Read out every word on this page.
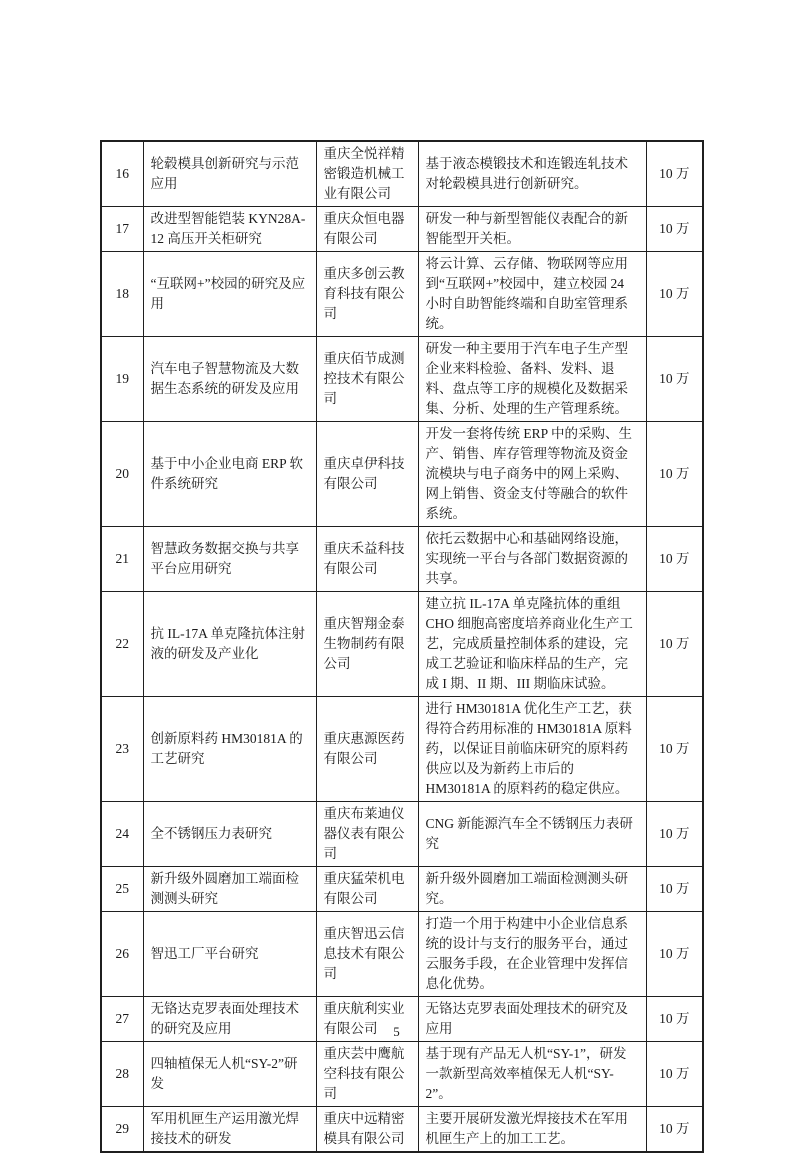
16	轮毂模具创新研究与示范应用	重庆全悦祥精密锻造机械工业有限公司	基于液态模锻技术和连锻连轧技术对轮毂模具进行创新研究。	10 万
17	改进型智能铠装 KYN28A-12 高压开关柜研究	重庆众恒电器有限公司	研发一种与新型智能仪表配合的新智能型开关柜。	10 万
18	“互联网+”校园的研究及应用	重庆多创云教育科技有限公司	将云计算、云存储、物联网等应用到“互联网+”校园中，建立校园 24 小时自助智能终端和自助室管理系统。	10 万
19	汽车电子智慧物流及大数据生态系统的研发及应用	重庆佰节成测控技术有限公司	研发一种主要用于汽车电子生产型企业来料检验、备料、发料、退料、盘点等工序的规模化及数据采集、分析、处理的生产管理系统。	10 万
20	基于中小企业电商 ERP 软件系统研究	重庆卓伊科技有限公司	开发一套将传统 ERP 中的采购、生产、销售、库存管理等物流及资金流模块与电子商务中的网上采购、网上销售、资金支付等融合的软件系统。	10 万
21	智慧政务数据交换与共享平台应用研究	重庆禾益科技有限公司	依托云数据中心和基础网络设施，实现统一平台与各部门数据资源的共享。	10 万
22	抗 IL-17A 单克隆抗体注射液的研发及产业化	重庆智翔金泰生物制药有限公司	建立抗 IL-17A 单克隆抗体的重组 CHO 细胞高密度培养商业化生产工艺，完成质量控制体系的建设，完成工艺验证和临床样品的生产，完成 I 期、II 期、III 期临床试验。	10 万
23	创新原料药 HM30181A 的工艺研究	重庆惠源医药有限公司	进行 HM30181A 优化生产工艺，获得符合药用标准的 HM30181A 原料药，以保证目前临床研究的原料药供应以及为新药上市后的 HM30181A 的原料药的稳定供应。	10 万
24	全不锈钢压力表研究	重庆布莱迪仪器仪表有限公司	CNG 新能源汽车全不锈钢压力表研究	10 万
25	新升级外圆磨加工端面检测测头研究	重庆猛荣机电有限公司	新升级外圆磨加工端面检测测头研究。	10 万
26	智迅工厂平台研究	重庆智迅云信息技术有限公司	打造一个用于构建中小企业信息系统的设计与支行的服务平台，通过云服务手段，在企业管理中发挥信息化优势。	10 万
27	无铬达克罗表面处理技术的研究及应用	重庆航利实业有限公司	无铬达克罗表面处理技术的研究及应用	10 万
28	四轴植保无人机“SY-2”研发	重庆芸中鹰航空科技有限公司	基于现有产品无人机“SY-1”，研发一款新型高效率植保无人机“SY-2”。	10 万
29	军用机匣生产运用激光焊接技术的研发	重庆中远精密模具有限公司	主要开展研发激光焊接技术在军用机匣生产上的加工工艺。	10 万
5
